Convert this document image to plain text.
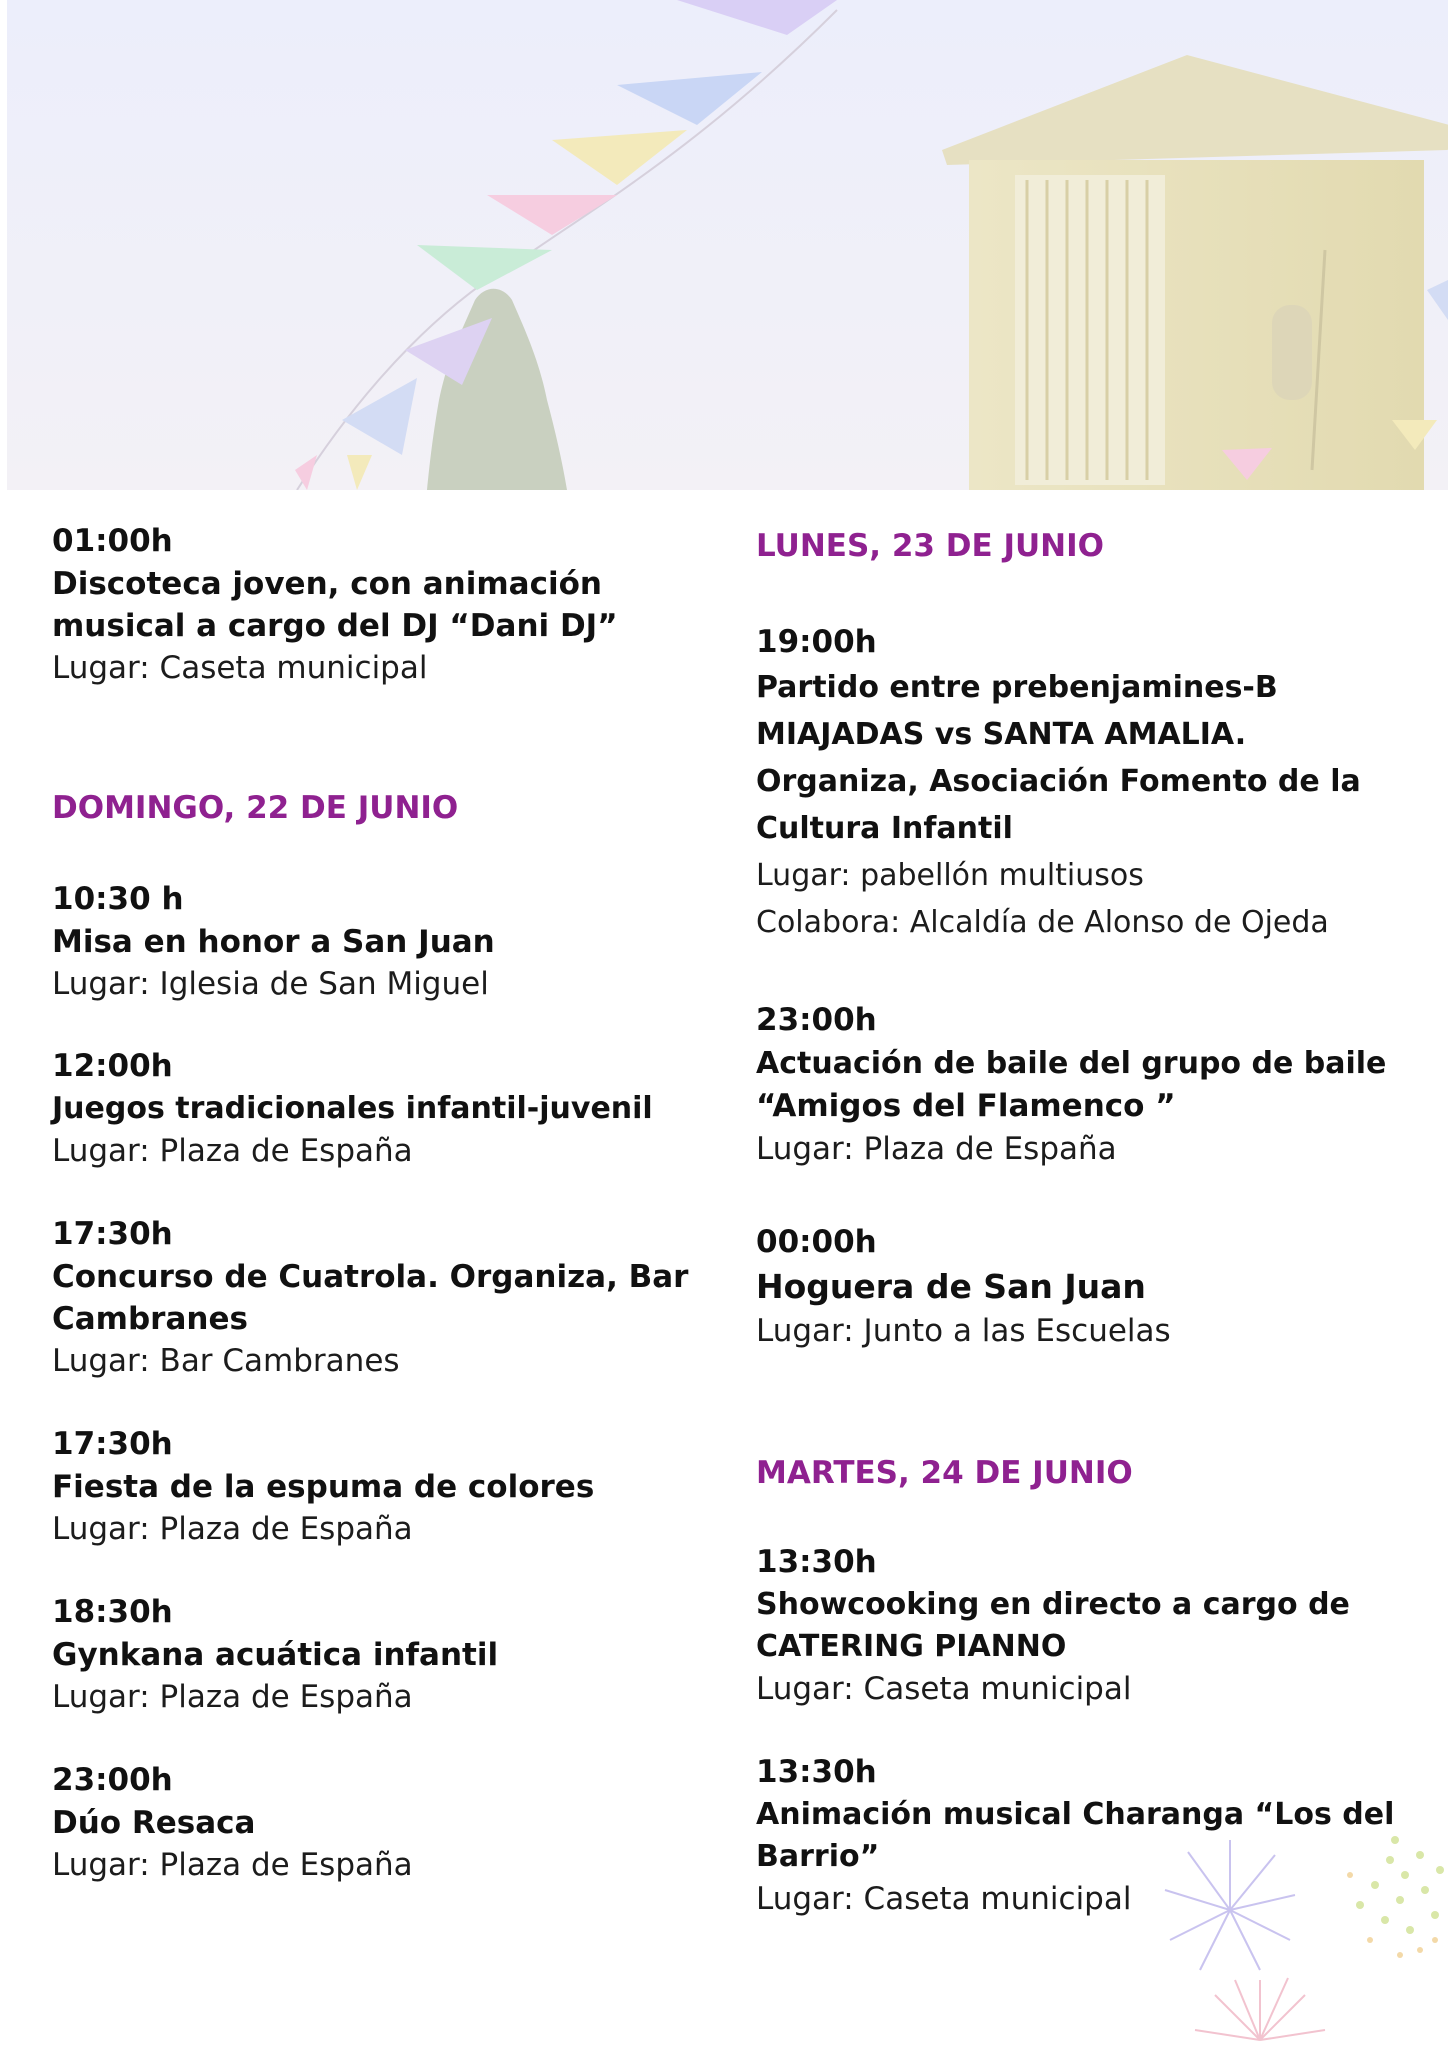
01:00h

Discoteca joven, con animación

musical a cargo del DJ “Dani DJ”

Lugar: Caseta municipal

DOMINGO, 22 DE JUNIO

10:30 h

Misa en honor a San Juan

Lugar: Iglesia de San Miguel

12:00h

Juegos tradicionales infantil-juvenil

Lugar: Plaza de España

17:30h

Concurso de Cuatrola. Organiza, Bar

Cambranes

Lugar: Bar Cambranes

17:30h

Fiesta de la espuma de colores

Lugar: Plaza de España

18:30h

Gynkana acuática infantil

Lugar: Plaza de España

23:00h

Dúo Resaca

Lugar: Plaza de España

LUNES, 23 DE JUNIO

19:00h

Partido entre prebenjamines-B

MIAJADAS vs SANTA AMALIA.

Organiza, Asociación Fomento de la

Cultura Infantil

Lugar: pabellón multiusos

Colabora: Alcaldía de Alonso de Ojeda

23:00h

Actuación de baile del grupo de baile

“Amigos del Flamenco ”

Lugar: Plaza de España

00:00h

Hoguera de San Juan

Lugar: Junto a las Escuelas

MARTES, 24 DE JUNIO

13:30h

Showcooking en directo a cargo de

CATERING PIANNO

Lugar: Caseta municipal

13:30h

Animación musical Charanga “Los del

Barrio”

Lugar: Caseta municipal
